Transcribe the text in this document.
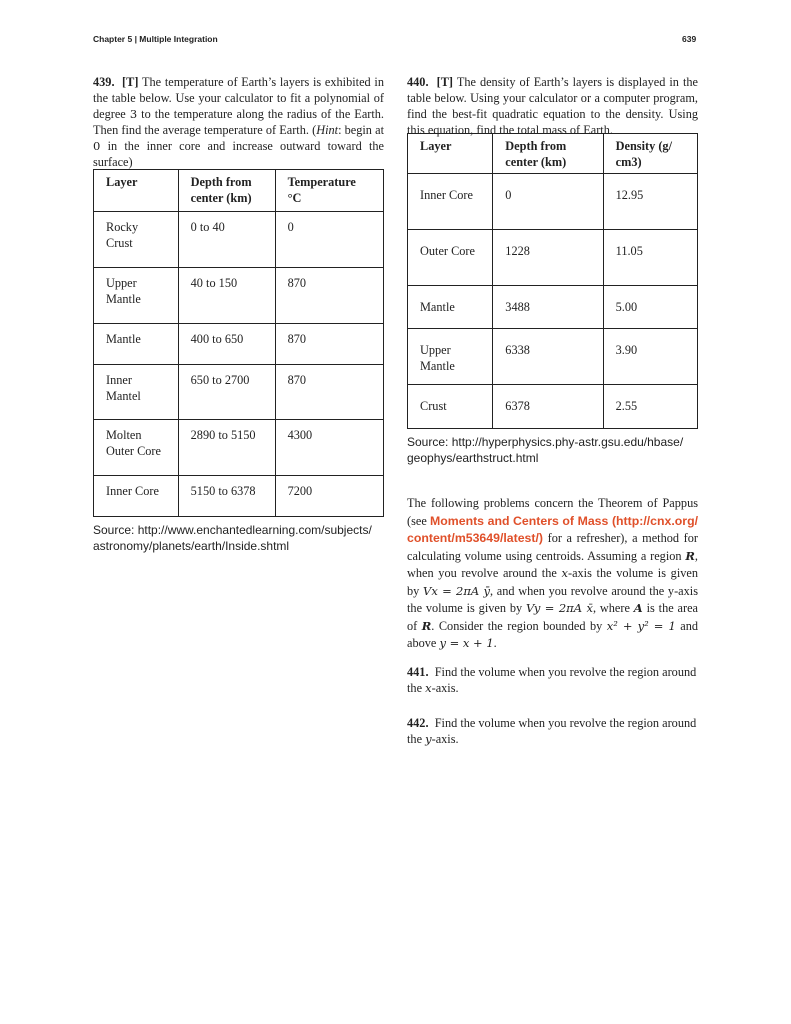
Chapter 5 | Multiple Integration	639
439. [T] The temperature of Earth’s layers is exhibited in the table below. Use your calculator to fit a polynomial of degree 3 to the temperature along the radius of the Earth. Then find the average temperature of Earth. (Hint: begin at 0 in the inner core and increase outward toward the surface)
Layer	Depth from center (km)	Temperature °C
Rocky Crust	0 to 40	0
Upper Mantle	40 to 150	870
Mantle	400 to 650	870
Inner Mantel	650 to 2700	870
Molten Outer Core	2890 to 5150	4300
Inner Core	5150 to 6378	7200
Source: http://www.enchantedlearning.com/subjects/ astronomy/planets/earth/Inside.shtml
440. [T] The density of Earth’s layers is displayed in the table below. Using your calculator or a computer program, find the best-fit quadratic equation to the density. Using this equation, find the total mass of Earth.
Layer	Depth from center (km)	Density (g/ cm3)
Inner Core	0	12.95
Outer Core	1228	11.05
Mantle	3488	5.00
Upper Mantle	6338	3.90
Crust	6378	2.55
Source: http://hyperphysics.phy-astr.gsu.edu/hbase/ geophys/earthstruct.html
The following problems concern the Theorem of Pappus (see Moments and Centers of Mass (http://cnx.org/ content/m53649/latest/) for a refresher), a method for calculating volume using centroids. Assuming a region R, when you revolve around the x-axis the volume is given by Vx = 2πA ȳ, and when you revolve around the y-axis the volume is given by Vy = 2πA x̄, where A is the area of R. Consider the region bounded by x² + y² = 1 and above y = x + 1.
441. Find the volume when you revolve the region around the x-axis.
442. Find the volume when you revolve the region around the y-axis.
